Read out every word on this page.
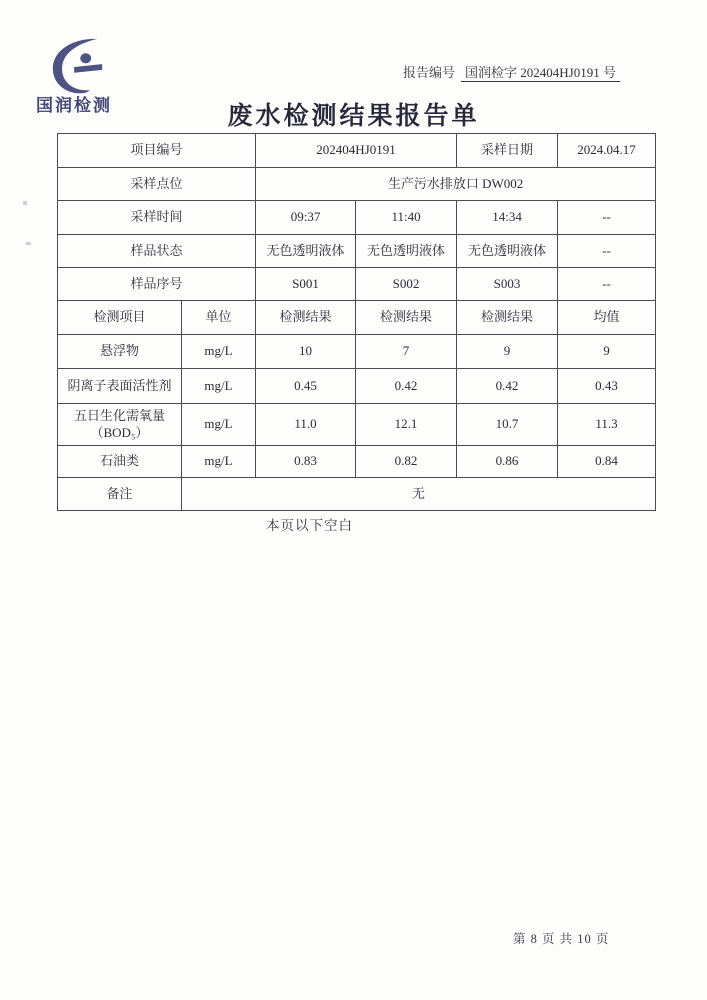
国润检测
报告编号 国润检字 202404HJ0191 号
废水检测结果报告单
项目编号		202404HJ0191		采样日期	2024.04.17
采样点位		生产污水排放口 DW002			
采样时间		09:37	11:40	14:34	--
样品状态		无色透明液体	无色透明液体	无色透明液体	--
样品序号		S001	S002	S003	--
检测项目	单位	检测结果	检测结果	检测结果	均值
悬浮物	mg/L	10	7	9	9
阴离子表面活性剂	mg/L	0.45	0.42	0.42	0.43
五日生化需氧量（BOD₅）	mg/L	11.0	12.1	10.7	11.3
石油类	mg/L	0.83	0.82	0.86	0.84
备注	无				
本页以下空白
第 8 页 共 10 页
